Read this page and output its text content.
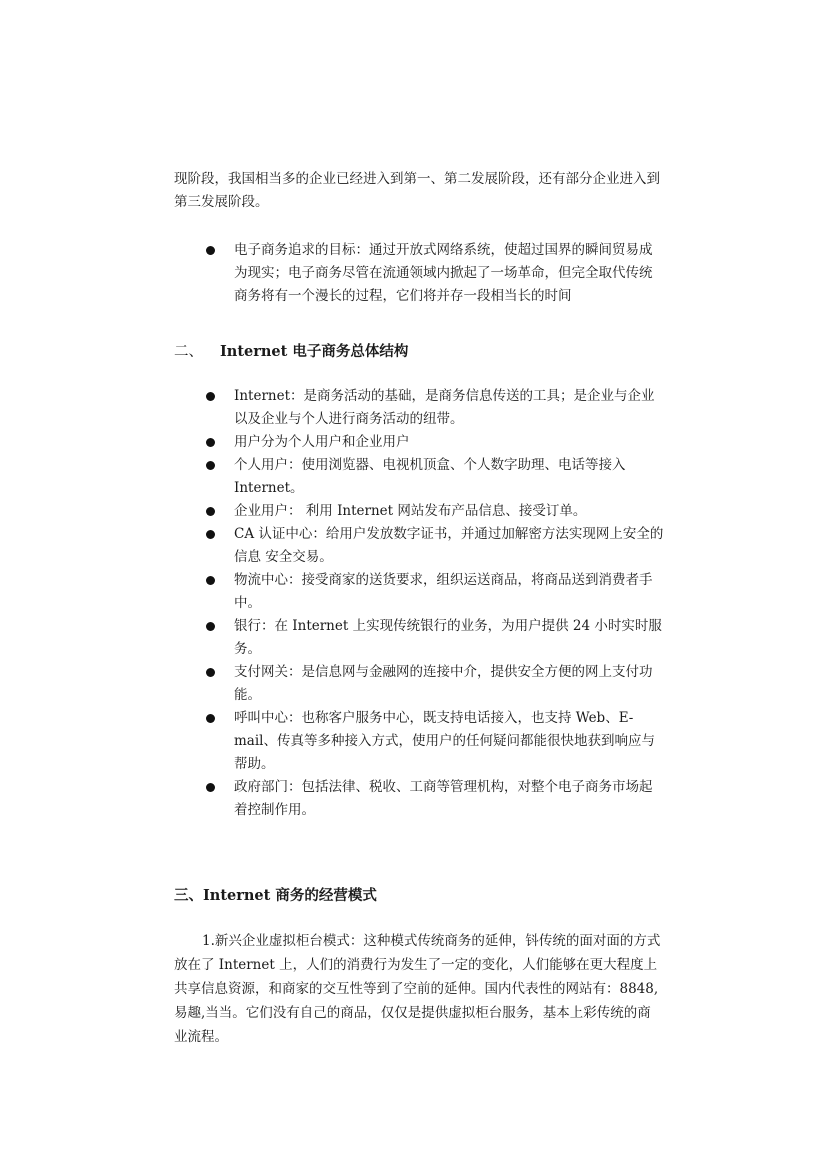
现阶段，我国相当多的企业已经进入到第一、第二发展阶段，还有部分企业进入到第三发展阶段。

电子商务追求的目标：通过开放式网络系统，使超过国界的瞬间贸易成为现实；电子商务尽管在流通领域内掀起了一场革命，但完全取代传统商务将有一个漫长的过程，它们将并存一段相当长的时间
二、 Internet 电子商务总体结构
Internet：是商务活动的基础，是商务信息传送的工具；是企业与企业以及企业与个人进行商务活动的纽带。
用户分为个人用户和企业用户
个人用户：使用浏览器、电视机顶盒、个人数字助理、电话等接入Internet。
企业用户： 利用 Internet 网站发布产品信息、接受订单。
CA 认证中心：给用户发放数字证书，并通过加解密方法实现网上安全的信息 安全交易。
物流中心：接受商家的送货要求，组织运送商品，将商品送到消费者手中。
银行：在 Internet 上实现传统银行的业务，为用户提供 24 小时实时服务。
支付网关：是信息网与金融网的连接中介，提供安全方便的网上支付功能。
呼叫中心：也称客户服务中心，既支持电话接入，也支持 Web、E-mail、传真等多种接入方式，使用户的任何疑问都能很快地获到响应与帮助。
政府部门：包括法律、税收、工商等管理机构，对整个电子商务市场起着控制作用。
三、Internet 商务的经营模式

1.新兴企业虚拟柜台模式：这种模式传统商务的延伸，钭传统的面对面的方式放在了 Internet 上，人们的消费行为发生了一定的变化，人们能够在更大程度上共享信息资源，和商家的交互性等到了空前的延伸。国内代表性的网站有：8848,易趣,当当。它们没有自己的商品，仅仅是提供虚拟柜台服务，基本上彩传统的商业流程。
